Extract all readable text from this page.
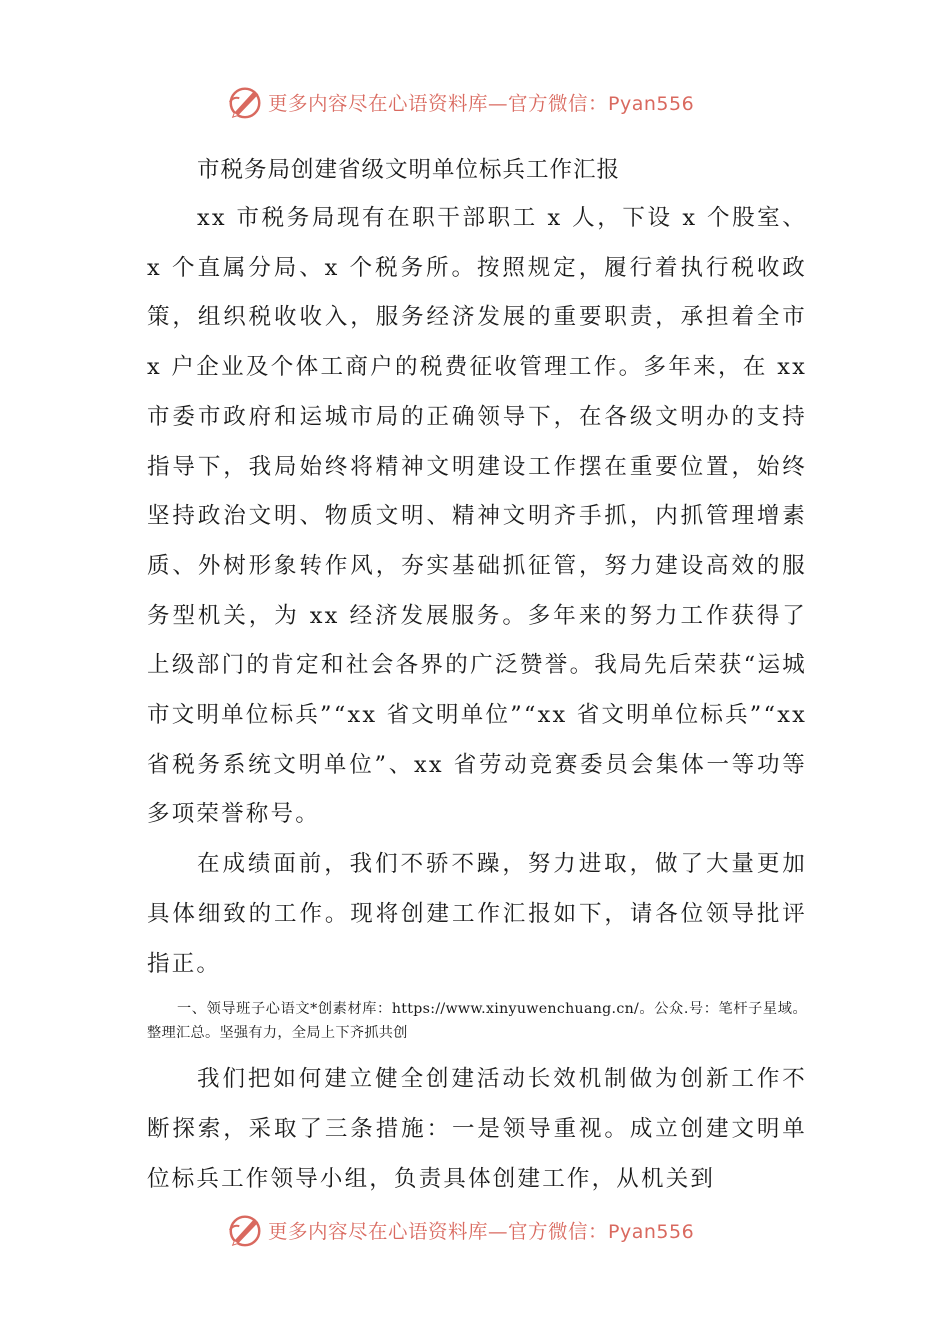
更多内容尽在心语资料库—官方微信：Pyan556

市税务局创建省级文明单位标兵工作汇报

xx 市税务局现有在职干部职工 x 人，下设 x 个股室、x 个直属分局、x 个税务所。按照规定，履行着执行税收政策，组织税收收入，服务经济发展的重要职责，承担着全市 x 户企业及个体工商户的税费征收管理工作。多年来，在 xx 市委市政府和运城市局的正确领导下，在各级文明办的支持指导下，我局始终将精神文明建设工作摆在重要位置，始终坚持政治文明、物质文明、精神文明齐手抓，内抓管理增素质、外树形象转作风，夯实基础抓征管，努力建设高效的服务型机关，为 xx 经济发展服务。多年来的努力工作获得了上级部门的肯定和社会各界的广泛赞誉。我局先后荣获“运城市文明单位标兵”“xx 省文明单位”“xx 省文明单位标兵”“xx 省税务系统文明单位”、xx 省劳动竞赛委员会集体一等功等多项荣誉称号。

在成绩面前，我们不骄不躁，努力进取，做了大量更加具体细致的工作。现将创建工作汇报如下，请各位领导批评指正。

一、领导班子心语文*创素材库：https://www.xinyuwenchuang.cn/。公众.号：笔杆子星域。整理汇总。坚强有力，全局上下齐抓共创

我们把如何建立健全创建活动长效机制做为创新工作不断探索，采取了三条措施：一是领导重视。成立创建文明单位标兵工作领导小组，负责具体创建工作，从机关到

更多内容尽在心语资料库—官方微信：Pyan556
